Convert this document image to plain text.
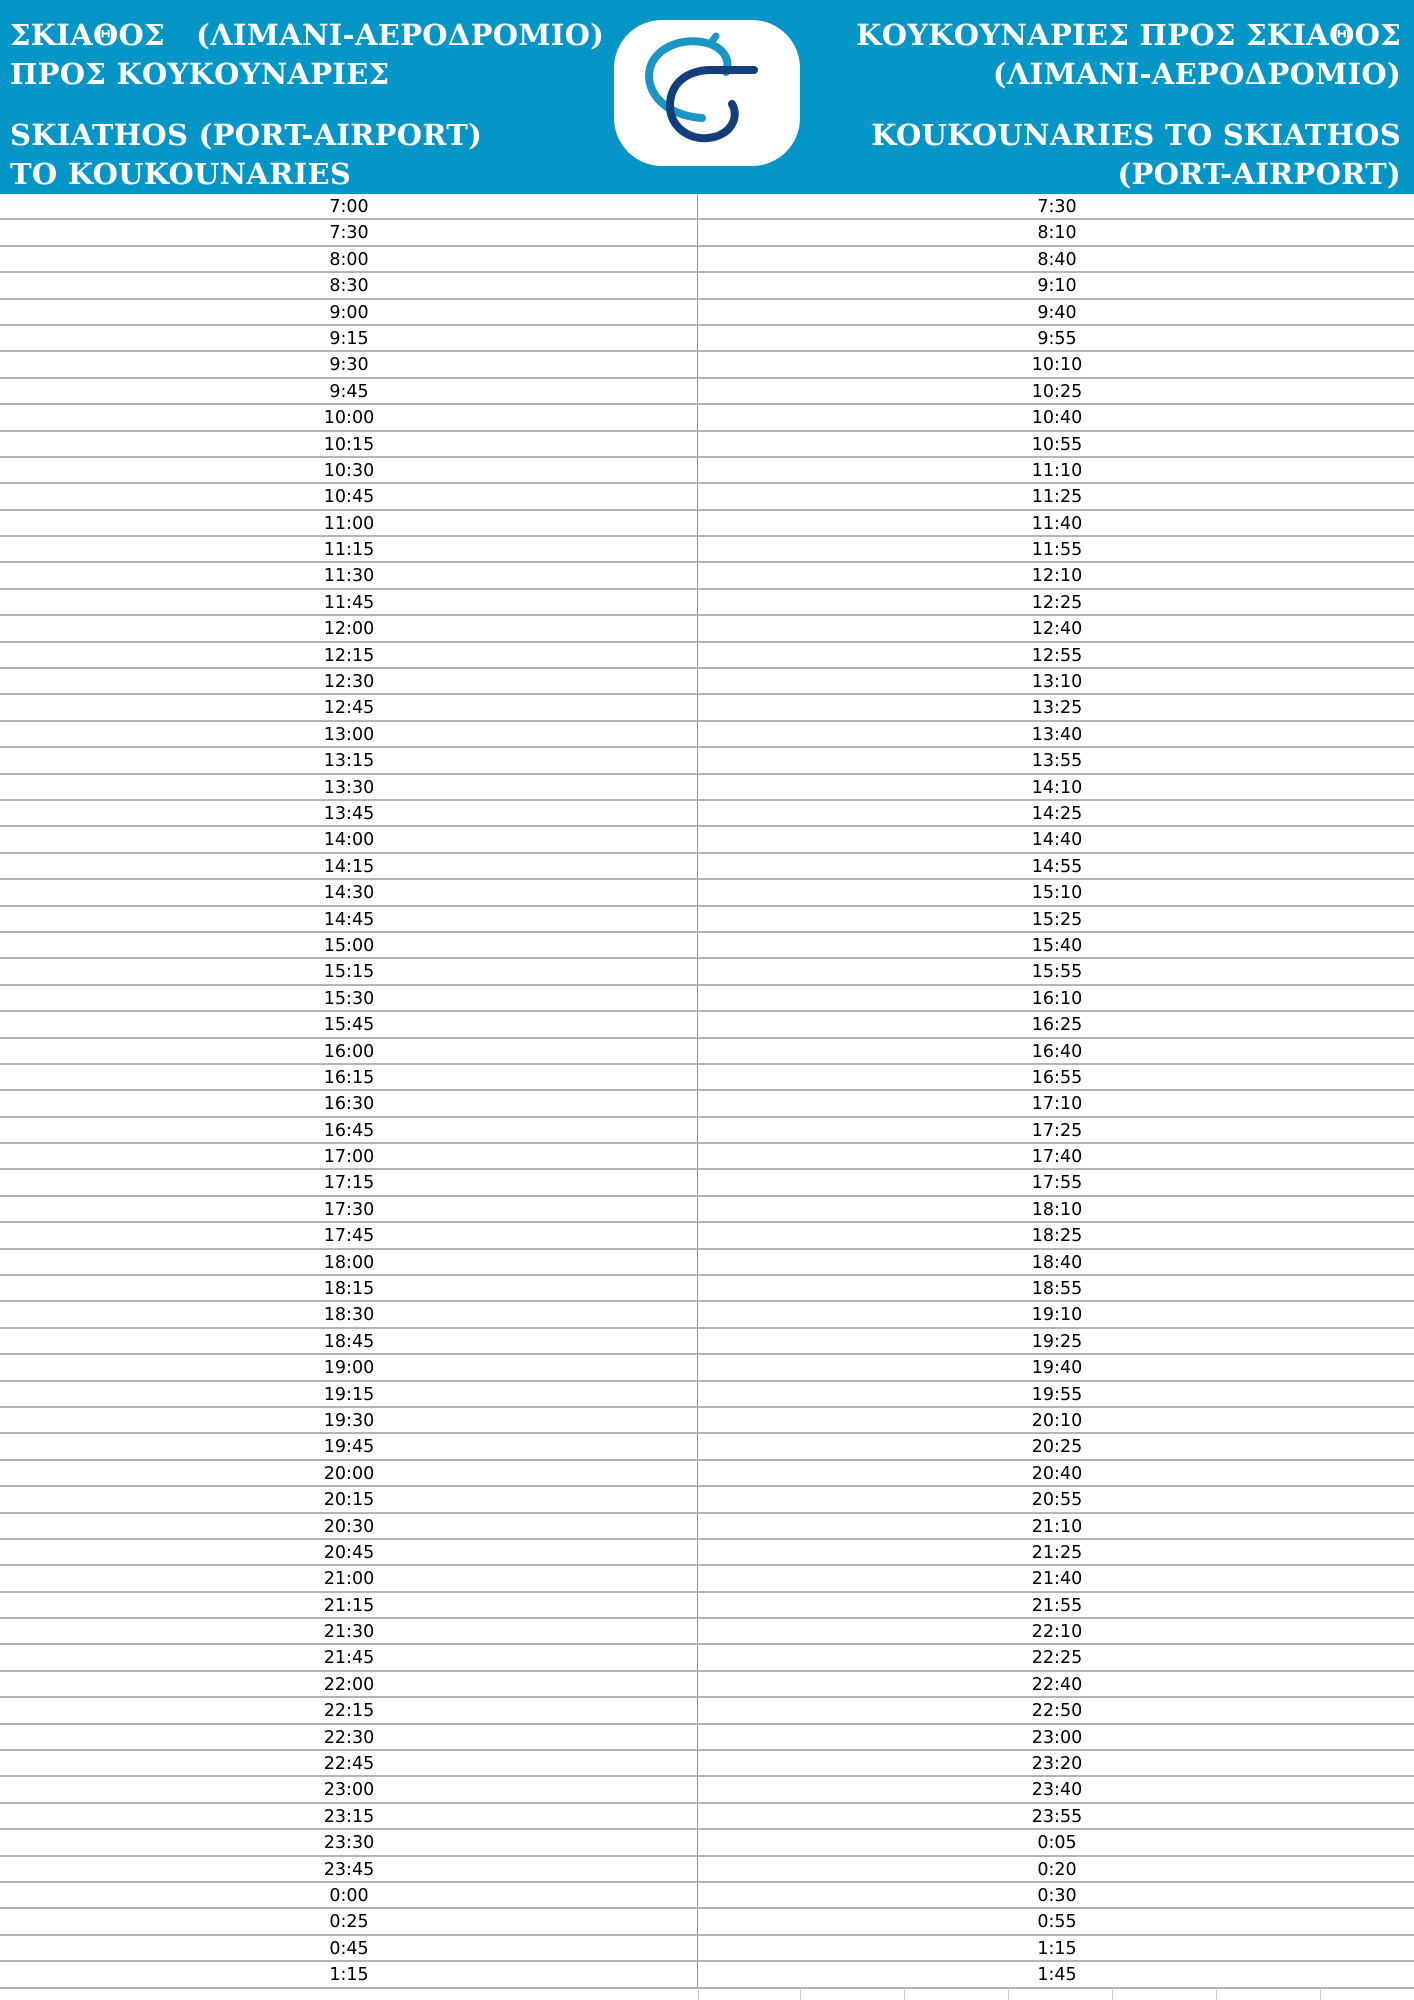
ΣΚΙΑΘΟΣ   (ΛΙΜΑΝΙ-ΑΕΡΟΔΡΟΜΙΟ)
ΠΡΟΣ ΚΟΥΚΟΥΝΑΡΙΕΣ
SKIATHOS (PORT-AIRPORT)
TO KOUKOUNARIES
ΚΟΥΚΟΥΝΑΡΙΕΣ ΠΡΟΣ ΣΚΙΑΘΟΣ
(ΛΙΜΑΝΙ-ΑΕΡΟΔΡΟΜΙΟ)
KOUKOUNARIES TO SKIATHOS
(PORT-AIRPORT)
7:00	7:30
7:30	8:10
8:00	8:40
8:30	9:10
9:00	9:40
9:15	9:55
9:30	10:10
9:45	10:25
10:00	10:40
10:15	10:55
10:30	11:10
10:45	11:25
11:00	11:40
11:15	11:55
11:30	12:10
11:45	12:25
12:00	12:40
12:15	12:55
12:30	13:10
12:45	13:25
13:00	13:40
13:15	13:55
13:30	14:10
13:45	14:25
14:00	14:40
14:15	14:55
14:30	15:10
14:45	15:25
15:00	15:40
15:15	15:55
15:30	16:10
15:45	16:25
16:00	16:40
16:15	16:55
16:30	17:10
16:45	17:25
17:00	17:40
17:15	17:55
17:30	18:10
17:45	18:25
18:00	18:40
18:15	18:55
18:30	19:10
18:45	19:25
19:00	19:40
19:15	19:55
19:30	20:10
19:45	20:25
20:00	20:40
20:15	20:55
20:30	21:10
20:45	21:25
21:00	21:40
21:15	21:55
21:30	22:10
21:45	22:25
22:00	22:40
22:15	22:50
22:30	23:00
22:45	23:20
23:00	23:40
23:15	23:55
23:30	0:05
23:45	0:20
0:00	0:30
0:25	0:55
0:45	1:15
1:15	1:45
